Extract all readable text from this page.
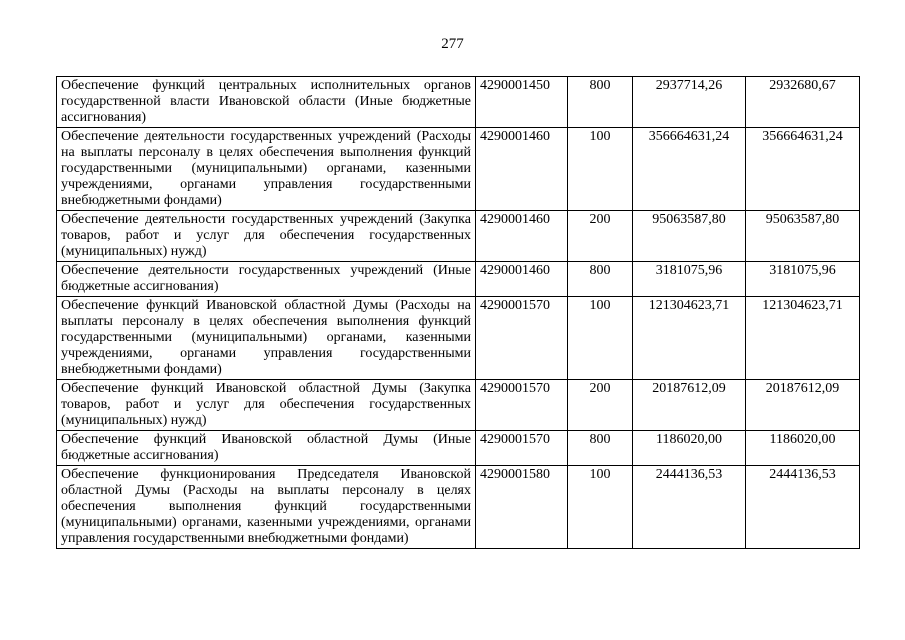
277
Обеспечение функций центральных исполнительных органов государственной власти Ивановской области (Иные бюджетные ассигнования)	4290001450	800	2937714,26	2932680,67
Обеспечение деятельности государственных учреждений (Расходы на выплаты персоналу в целях обеспечения выполнения функций государственными (муниципальными) органами, казенными учреждениями, органами управления государственными внебюджетными фондами)	4290001460	100	356664631,24	356664631,24
Обеспечение деятельности государственных учреждений (Закупка товаров, работ и услуг для обеспечения государственных (муниципальных) нужд)	4290001460	200	95063587,80	95063587,80
Обеспечение деятельности государственных учреждений (Иные бюджетные ассигнования)	4290001460	800	3181075,96	3181075,96
Обеспечение функций Ивановской областной Думы (Расходы на выплаты персоналу в целях обеспечения выполнения функций государственными (муниципальными) органами, казенными учреждениями, органами управления государственными внебюджетными фондами)	4290001570	100	121304623,71	121304623,71
Обеспечение функций Ивановской областной Думы (Закупка товаров, работ и услуг для обеспечения государственных (муниципальных) нужд)	4290001570	200	20187612,09	20187612,09
Обеспечение функций Ивановской областной Думы (Иные бюджетные ассигнования)	4290001570	800	1186020,00	1186020,00
Обеспечение функционирования Председателя Ивановской областной Думы (Расходы на выплаты персоналу в целях обеспечения выполнения функций государственными (муниципальными) органами, казенными учреждениями, органами управления государственными внебюджетными фондами)	4290001580	100	2444136,53	2444136,53
